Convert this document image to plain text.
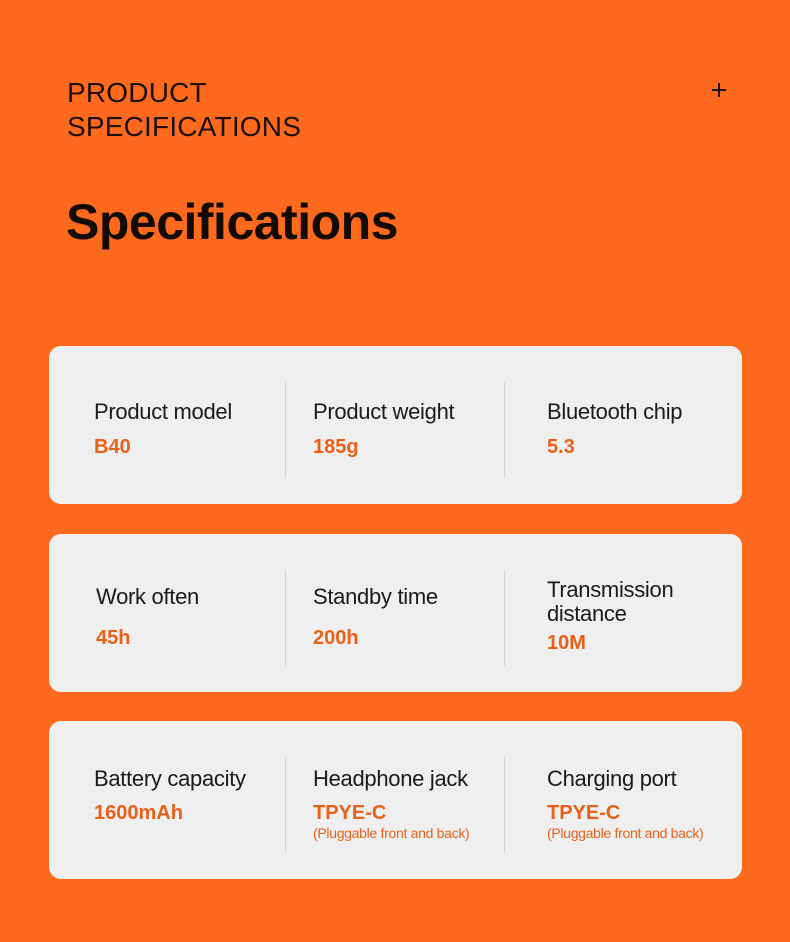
PRODUCT
SPECIFICATIONS
Specifications
Product model
B40
Product weight
185g
Bluetooth chip
5.3
Work often
45h
Standby time
200h
Transmission distance
10M
Battery capacity
1600mAh
Headphone jack
TPYE-C
(Pluggable front and back)
Charging port
TPYE-C
(Pluggable front and back)
